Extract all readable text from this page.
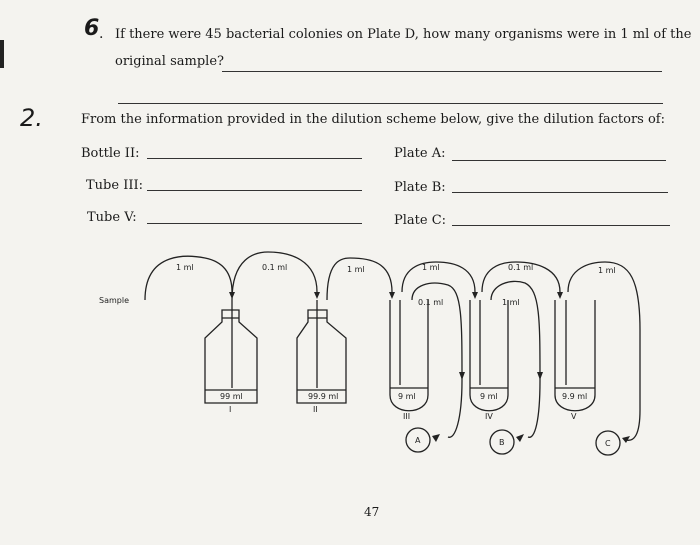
6 . If there were 45 bacterial colonies on Plate D, how many organisms were in 1 ml of the
original sample?
2.	From the information provided in the dilution scheme below, give the dilution factors of:
Bottle II:	Plate A:
Tube III:	Plate B:
Tube V:	Plate C:
Sample
1 ml	0.1 ml	1 ml	1 ml	0.1 ml	1 ml
0.1 ml	1 ml
99 ml	99.9 ml	9 ml	9 ml	9.9 ml
I	II
III	IV	V
A	B	C
47
